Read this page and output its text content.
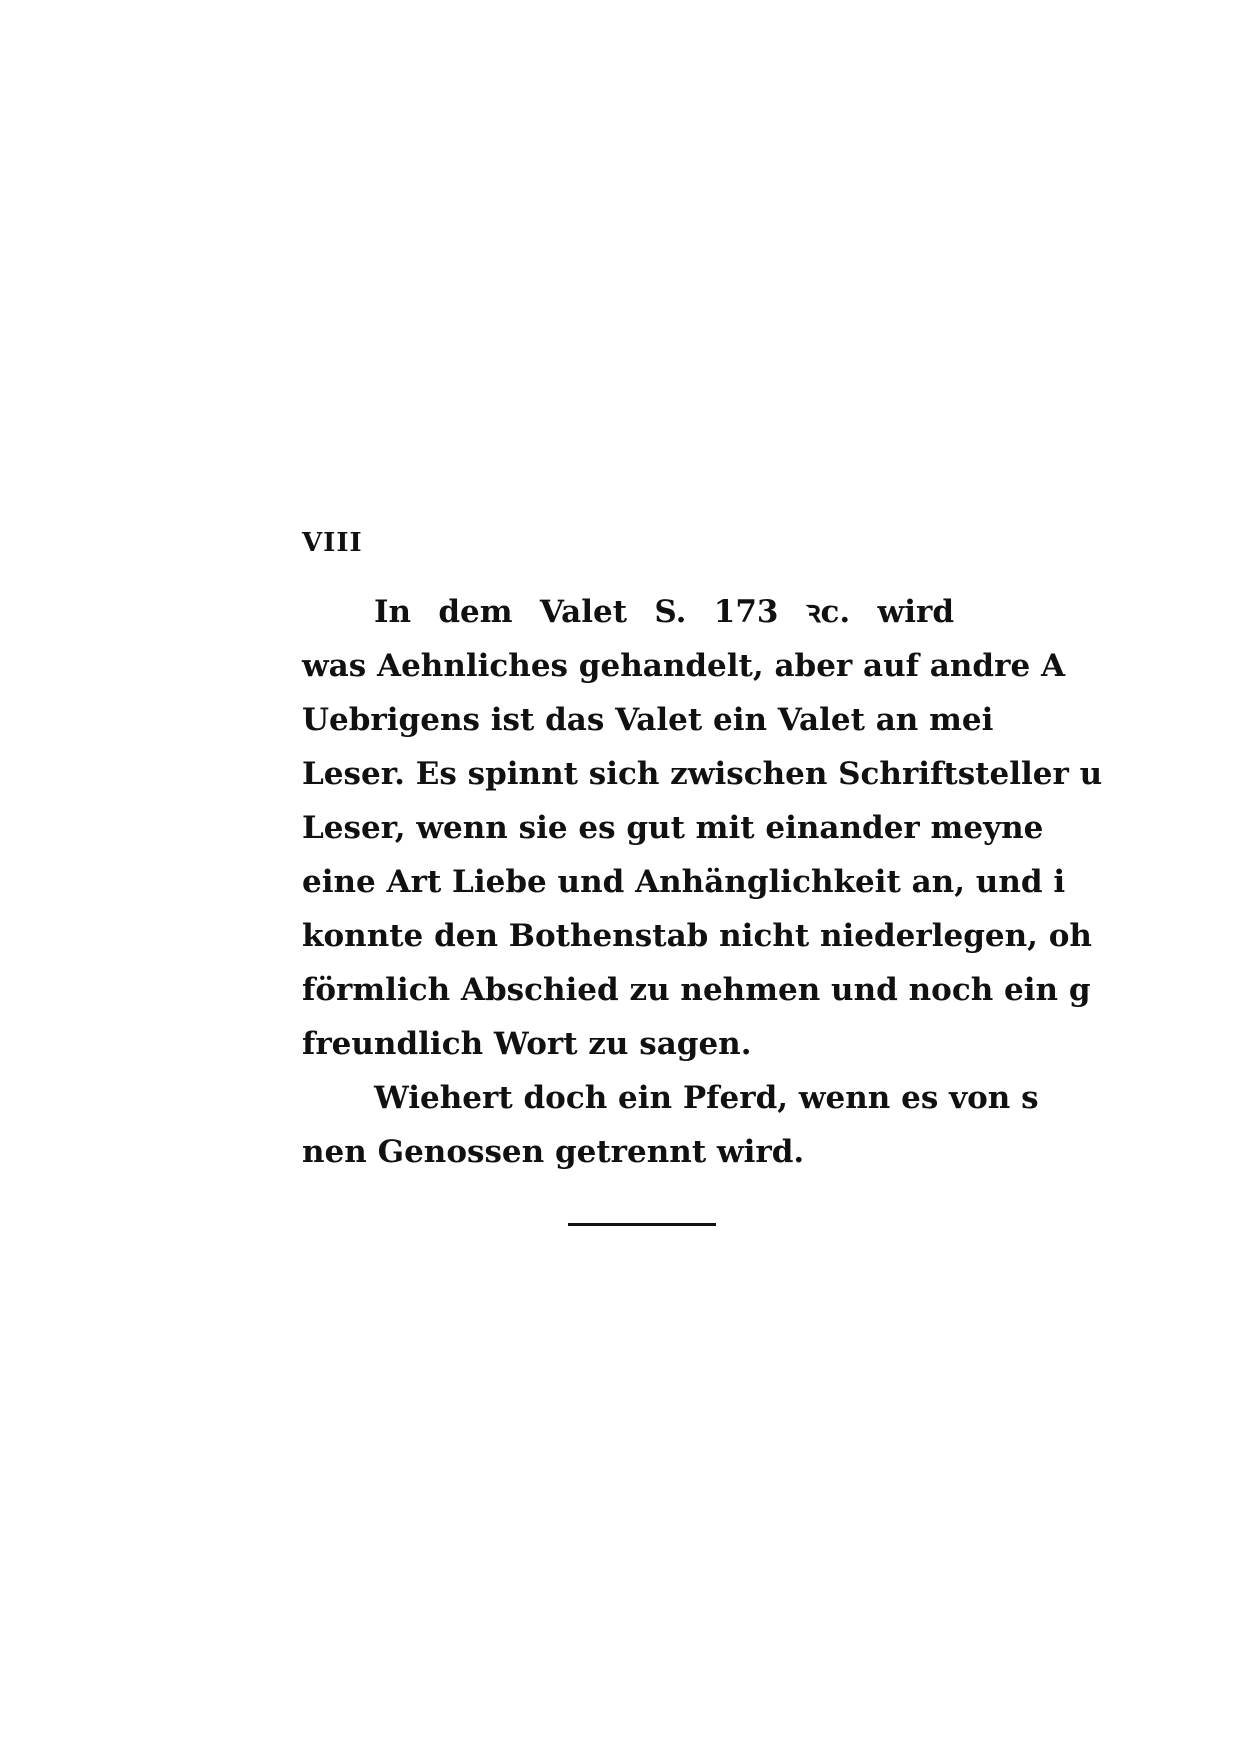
VIII
In dem Valet S. 173 ꝛc. wird
was Aehnliches gehandelt, aber auf andre A
Uebrigens ist das Valet ein Valet an mei
Leser. Es spinnt sich zwischen Schriftsteller u
Leser, wenn sie es gut mit einander meyne
eine Art Liebe und Anhänglichkeit an, und i
konnte den Bothenstab nicht niederlegen, oh
förmlich Abschied zu nehmen und noch ein g
freundlich Wort zu sagen.
Wiehert doch ein Pferd, wenn es von s
nen Genossen getrennt wird.
